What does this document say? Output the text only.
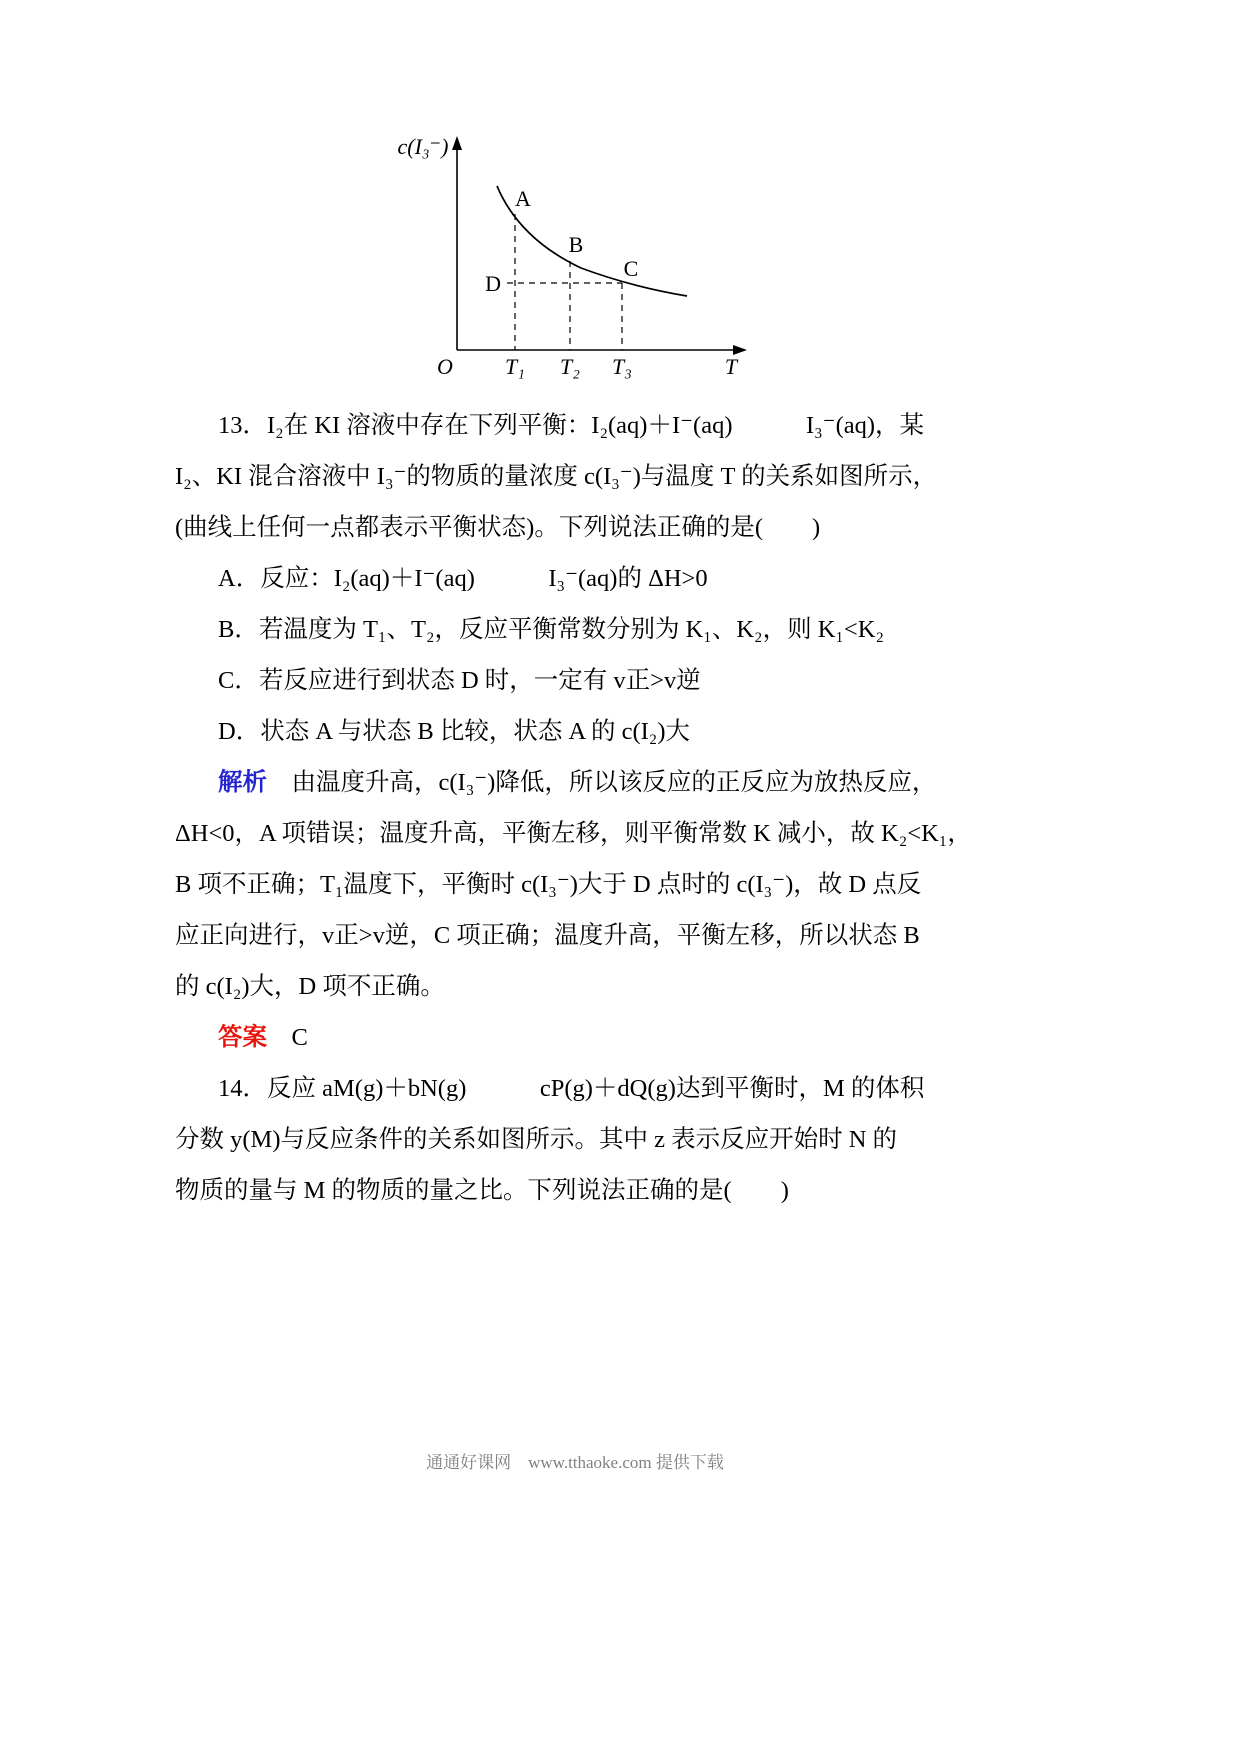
c(I₃⁻)
T
O
A
B
C
D
T₁ T₂ T₃
13．I₂在 KI 溶液中存在下列平衡：I₂(aq)＋I⁻(aq)　　　I₃⁻(aq)，某
I₂、KI 混合溶液中 I₃⁻的物质的量浓度 c(I₃⁻)与温度 T 的关系如图所示，
(曲线上任何一点都表示平衡状态)。下列说法正确的是(　　)
A．反应：I₂(aq)＋I⁻(aq)　　　I₃⁻(aq)的 ΔH>0
B．若温度为 T₁、T₂，反应平衡常数分别为 K₁、K₂，则 K₁<K₂
C．若反应进行到状态 D 时，一定有 v正>v逆
D．状态 A 与状态 B 比较，状态 A 的 c(I₂)大
解析　由温度升高，c(I₃⁻)降低，所以该反应的正反应为放热反应，
ΔH<0，A 项错误；温度升高，平衡左移，则平衡常数 K 减小，故 K₂<K₁，
B 项不正确；T₁温度下，平衡时 c(I₃⁻)大于 D 点时的 c(I₃⁻)，故 D 点反
应正向进行，v正>v逆，C 项正确；温度升高，平衡左移，所以状态 B
的 c(I₂)大，D 项不正确。
答案　C
14．反应 aM(g)＋bN(g)　　　cP(g)＋dQ(g)达到平衡时，M 的体积
分数 y(M)与反应条件的关系如图所示。其中 z 表示反应开始时 N 的
物质的量与 M 的物质的量之比。下列说法正确的是(　　)
通通好课网　www.tthaoke.com 提供下载
